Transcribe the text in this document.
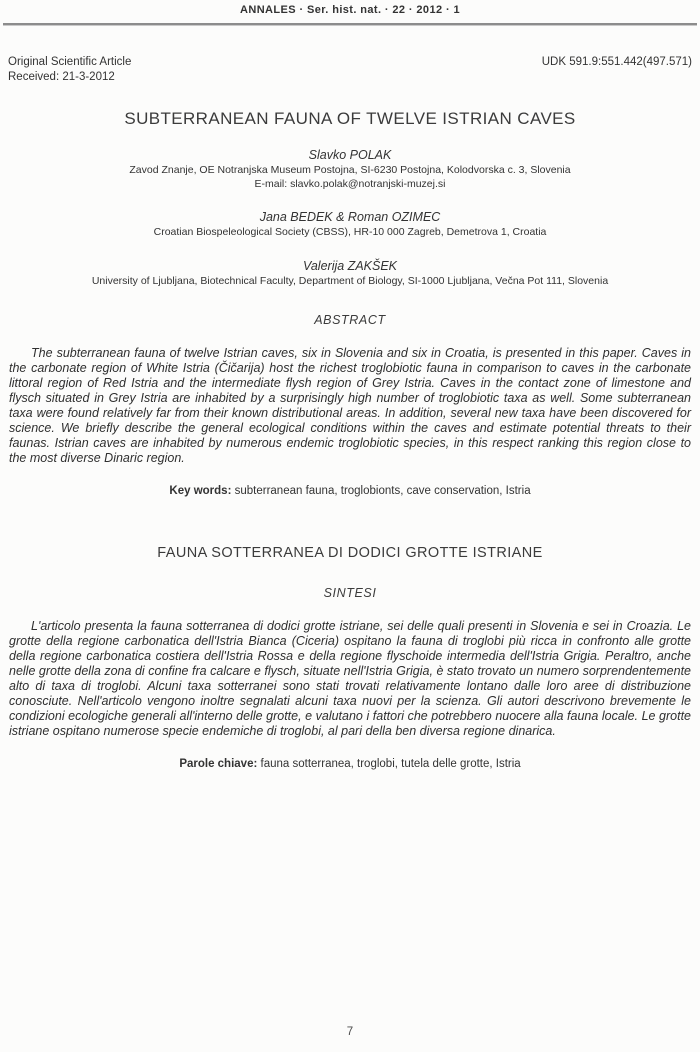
ANNALES · Ser. hist. nat. · 22 · 2012 · 1
Original Scientific Article
Received: 21-3-2012
UDK 591.9:551.442(497.571)
SUBTERRANEAN FAUNA OF TWELVE ISTRIAN CAVES
Slavko POLAK
Zavod Znanje, OE Notranjska Museum Postojna, SI-6230 Postojna, Kolodvorska c. 3, Slovenia
E-mail: slavko.polak@notranjski-muzej.si
Jana BEDEK & Roman OZIMEC
Croatian Biospeleological Society (CBSS), HR-10 000 Zagreb, Demetrova 1, Croatia
Valerija ZAKŠEK
University of Ljubljana, Biotechnical Faculty, Department of Biology, SI-1000 Ljubljana, Večna Pot 111, Slovenia
ABSTRACT

The subterranean fauna of twelve Istrian caves, six in Slovenia and six in Croatia, is presented in this paper. Caves in the carbonate region of White Istria (Čičarija) host the richest troglobiotic fauna in comparison to caves in the carbonate littoral region of Red Istria and the intermediate flysh region of Grey Istria. Caves in the contact zone of limestone and flysch situated in Grey Istria are inhabited by a surprisingly high number of troglobiotic taxa as well. Some subterranean taxa were found relatively far from their known distributional areas. In addition, several new taxa have been discovered for science. We briefly describe the general ecological conditions within the caves and estimate potential threats to their faunas. Istrian caves are inhabited by numerous endemic troglobiotic species, in this respect ranking this region close to the most diverse Dinaric region.

Key words: subterranean fauna, troglobionts, cave conservation, Istria
FAUNA SOTTERRANEA DI DODICI GROTTE ISTRIANE
SINTESI

L'articolo presenta la fauna sotterranea di dodici grotte istriane, sei delle quali presenti in Slovenia e sei in Croazia. Le grotte della regione carbonatica dell'Istria Bianca (Ciceria) ospitano la fauna di troglobi più ricca in confronto alle grotte della regione carbonatica costiera dell'Istria Rossa e della regione flyschoide intermedia dell'Istria Grigia. Peraltro, anche nelle grotte della zona di confine fra calcare e flysch, situate nell'Istria Grigia, è stato trovato un numero sorprendentemente alto di taxa di troglobi. Alcuni taxa sotterranei sono stati trovati relativamente lontano dalle loro aree di distribuzione conosciute. Nell'articolo vengono inoltre segnalati alcuni taxa nuovi per la scienza. Gli autori descrivono brevemente le condizioni ecologiche generali all'interno delle grotte, e valutano i fattori che potrebbero nuocere alla fauna locale. Le grotte istriane ospitano numerose specie endemiche di troglobi, al pari della ben diversa regione dinarica.

Parole chiave: fauna sotterranea, troglobi, tutela delle grotte, Istria
7
